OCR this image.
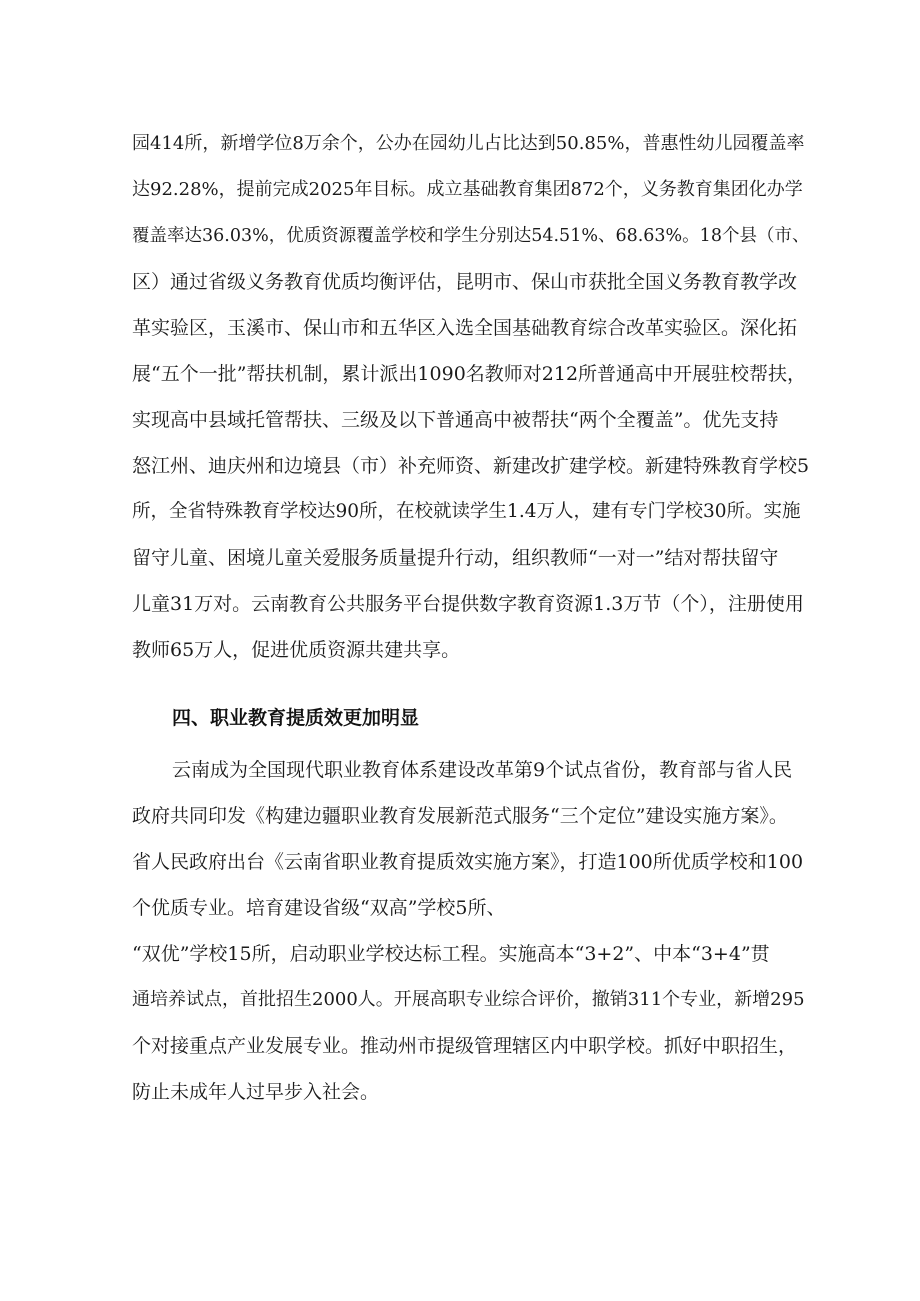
园414所，新增学位8万余个，公办在园幼儿占比达到50.85%，普惠性幼儿园覆盖率
达92.28%，提前完成2025年目标。成立基础教育集团872个，义务教育集团化办学
覆盖率达36.03%，优质资源覆盖学校和学生分别达54.51%、68.63%。18个县（市、
区）通过省级义务教育优质均衡评估，昆明市、保山市获批全国义务教育教学改
革实验区，玉溪市、保山市和五华区入选全国基础教育综合改革实验区。深化拓
展“五个一批”帮扶机制，累计派出1090名教师对212所普通高中开展驻校帮扶，
实现高中县域托管帮扶、三级及以下普通高中被帮扶“两个全覆盖”。优先支持
怒江州、迪庆州和边境县（市）补充师资、新建改扩建学校。新建特殊教育学校5
所，全省特殊教育学校达90所，在校就读学生1.4万人，建有专门学校30所。实施
留守儿童、困境儿童关爱服务质量提升行动，组织教师“一对一”结对帮扶留守
儿童31万对。云南教育公共服务平台提供数字教育资源1.3万节（个），注册使用
教师65万人，促进优质资源共建共享。
四、职业教育提质效更加明显
云南成为全国现代职业教育体系建设改革第9个试点省份，教育部与省人民
政府共同印发《构建边疆职业教育发展新范式服务“三个定位”建设实施方案》。
省人民政府出台《云南省职业教育提质效实施方案》，打造100所优质学校和100
个优质专业。培育建设省级“双高”学校5所、
“双优”学校15所，启动职业学校达标工程。实施高本“3+2”、中本“3+4”贯
通培养试点，首批招生2000人。开展高职专业综合评价，撤销311个专业，新增295
个对接重点产业发展专业。推动州市提级管理辖区内中职学校。抓好中职招生，
防止未成年人过早步入社会。
